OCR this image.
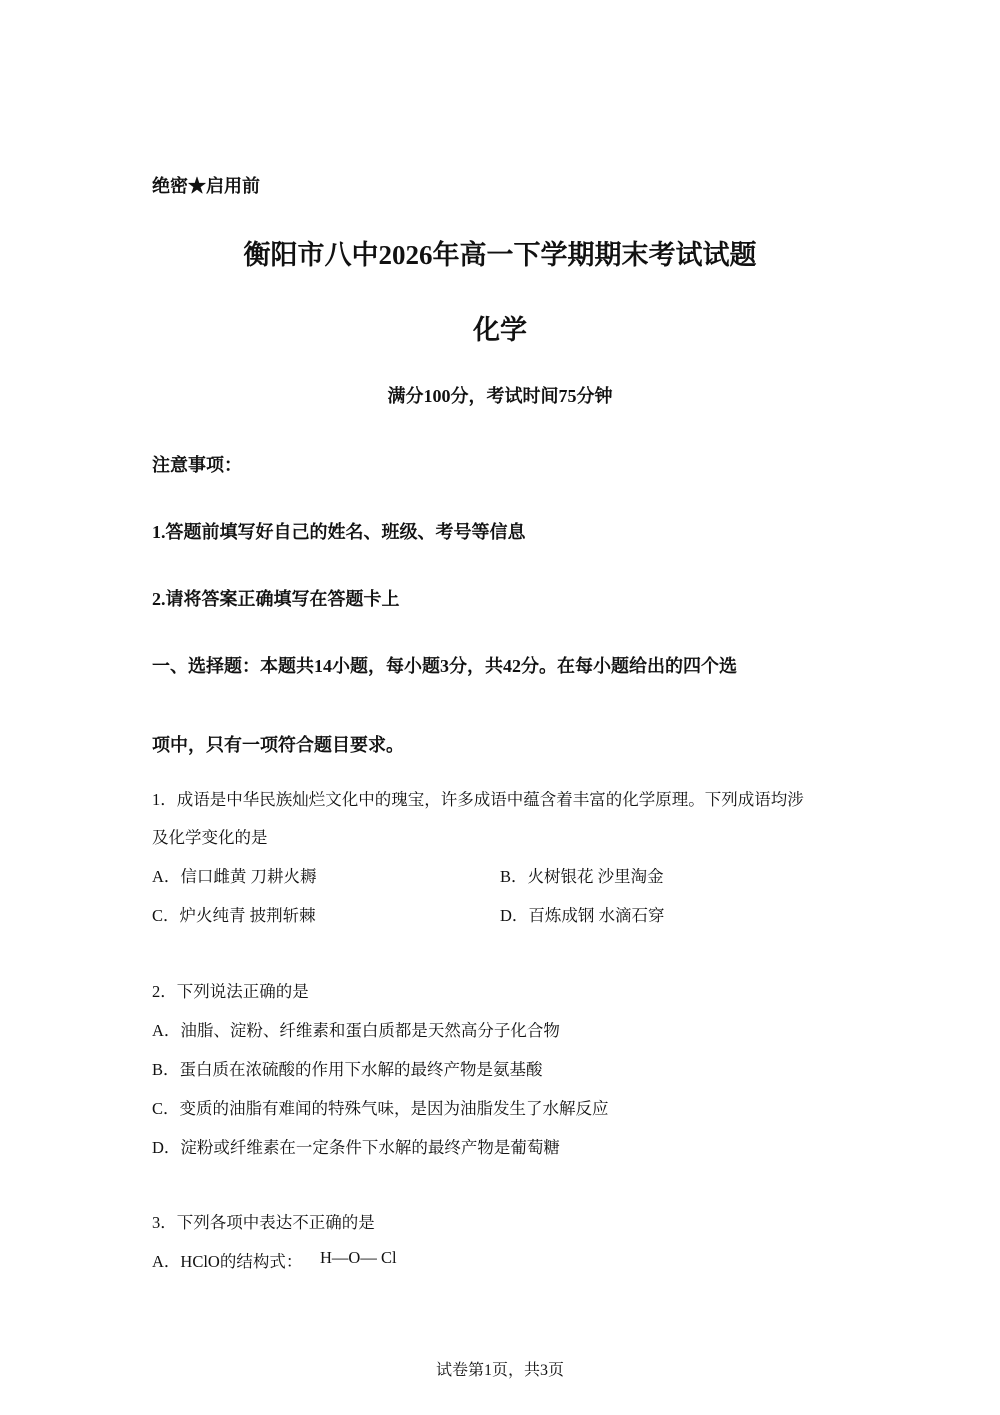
绝密★启用前
衡阳市八中2026年高一下学期期末考试试题
化学
满分100分，考试时间75分钟
注意事项：
1.答题前填写好自己的姓名、班级、考号等信息
2.请将答案正确填写在答题卡上
一、选择题：本题共14小题，每小题3分，共42分。在每小题给出的四个选
项中，只有一项符合题目要求。
1．成语是中华民族灿烂文化中的瑰宝，许多成语中蕴含着丰富的化学原理。下列成语均涉
及化学变化的是
A．信口雌黄 刀耕火耨	B．火树银花 沙里淘金
C．炉火纯青 披荆斩棘	D．百炼成钢 水滴石穿
2．下列说法正确的是
A．油脂、淀粉、纤维素和蛋白质都是天然高分子化合物
B．蛋白质在浓硫酸的作用下水解的最终产物是氨基酸
C．变质的油脂有难闻的特殊气味，是因为油脂发生了水解反应
D．淀粉或纤维素在一定条件下水解的最终产物是葡萄糖
3．下列各项中表达不正确的是
A．HClO的结构式： H—O— Cl
试卷第1页，共3页
